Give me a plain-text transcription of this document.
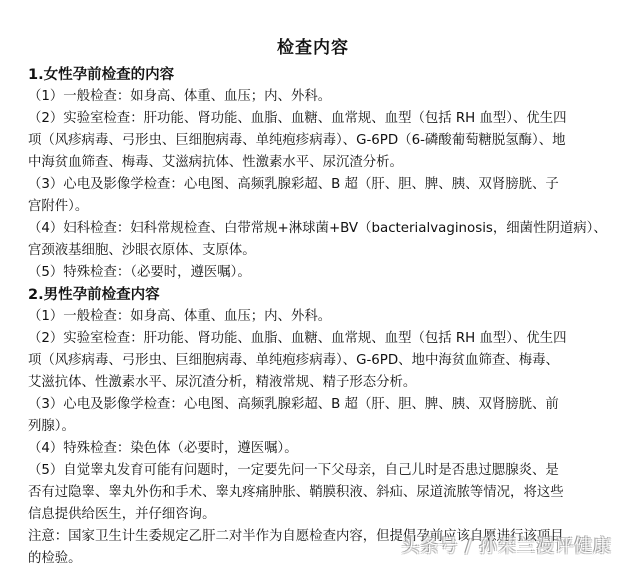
检查内容
1.女性孕前检查的内容
（1）一般检查：如身高、体重、血压；内、外科。
（2）实验室检查：肝功能、肾功能、血脂、血糖、血常规、血型（包括 RH 血型）、优生四
项（风疹病毒、弓形虫、巨细胞病毒、单纯疱疹病毒）、G-6PD（6-磷酸葡萄糖脱氢酶）、地
中海贫血筛查、梅毒、艾滋病抗体、性激素水平、尿沉渣分析。
（3）心电及影像学检查：心电图、高频乳腺彩超、B 超（肝、胆、脾、胰、双肾膀胱、子
宫附件）。
（4）妇科检查：妇科常规检查、白带常规+淋球菌+BV（bacterialvaginosis，细菌性阴道病）、
宫颈液基细胞、沙眼衣原体、支原体。
（5）特殊检查：（必要时，遵医嘱）。
2.男性孕前检查内容
（1）一般检查：如身高、体重、血压；内、外科。
（2）实验室检查：肝功能、肾功能、血脂、血糖、血常规、血型（包括 RH 血型）、优生四
项（风疹病毒、弓形虫、巨细胞病毒、单纯疱疹病毒）、G-6PD、地中海贫血筛查、梅毒、
艾滋抗体、性激素水平、尿沉渣分析，精液常规、精子形态分析。
（3）心电及影像学检查：心电图、高频乳腺彩超、B 超（肝、胆、脾、胰、双肾膀胱、前
列腺）。
（4）特殊检查：染色体（必要时，遵医嘱）。
（5）自觉睾丸发育可能有问题时，一定要先问一下父母亲，自己儿时是否患过腮腺炎、是
否有过隐睾、睾丸外伤和手术、睾丸疼痛肿胀、鞘膜积液、斜疝、尿道流脓等情况，将这些
信息提供给医生，并仔细咨询。
注意：国家卫生计生委规定乙肝二对半作为自愿检查内容，但提倡孕前应该自愿进行该项目
的检验。
头条号 / 孙荣兰漫评健康
